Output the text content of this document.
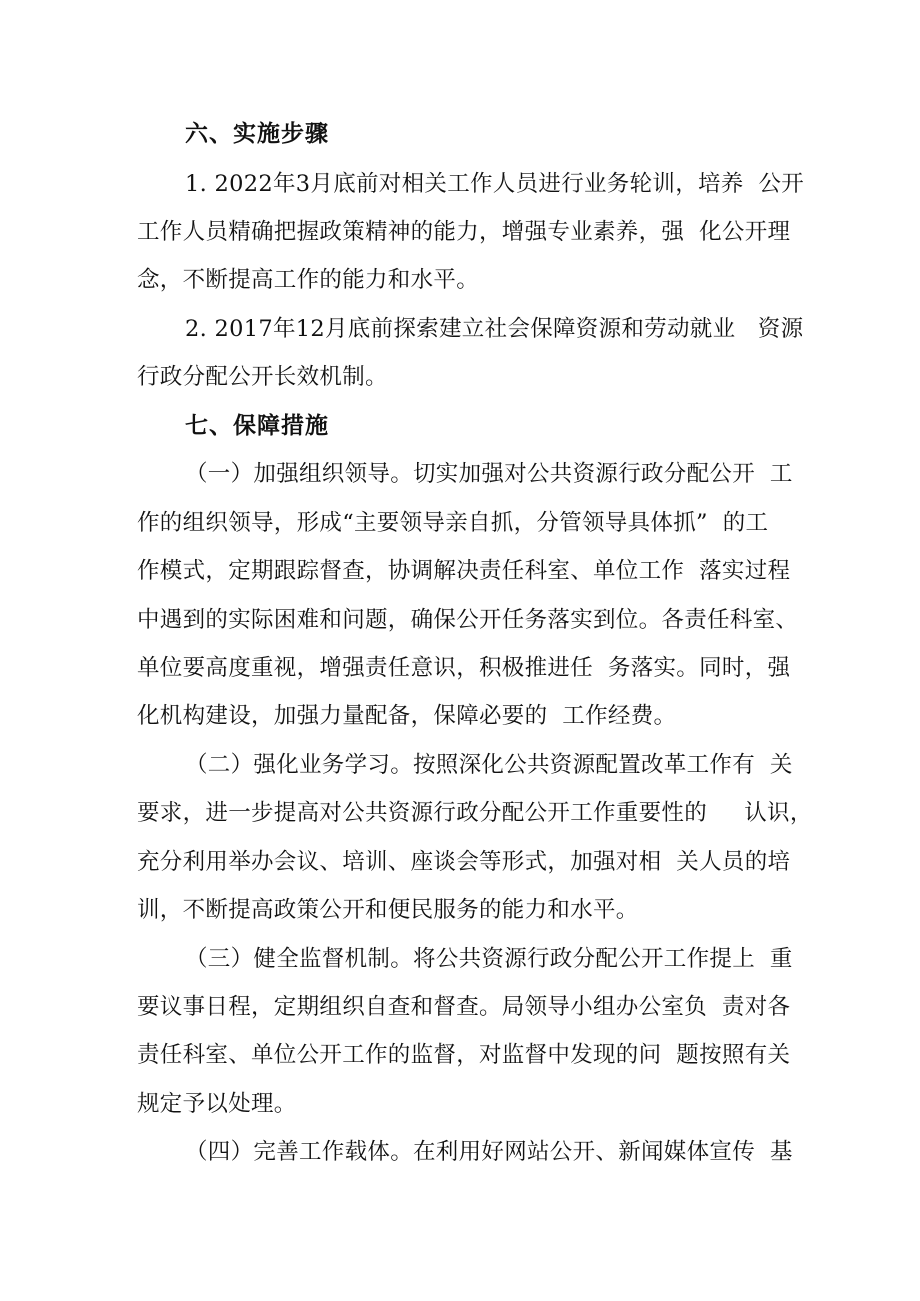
六、实施步骤
1. 2022年3月底前对相关工作人员进行业务轮训，培养  公开
工作人员精确把握政策精神的能力，增强专业素养，强  化公开理
念，不断提高工作的能力和水平。
2. 2017年12月底前探索建立社会保障资源和劳动就业   资源
行政分配公开长效机制。
七、保障措施
（一）加强组织领导。切实加强对公共资源行政分配公开  工
作的组织领导，形成“主要领导亲自抓，分管领导具体抓”  的工
作模式，定期跟踪督查，协调解决责任科室、单位工作  落实过程
中遇到的实际困难和问题，确保公开任务落实到位。各责任科室、
单位要高度重视，增强责任意识，积极推进任  务落实。同时，强
化机构建设，加强力量配备，保障必要的  工作经费。
（二）强化业务学习。按照深化公共资源配置改革工作有  关
要求，进一步提高对公共资源行政分配公开工作重要性的     认识，
充分利用举办会议、培训、座谈会等形式，加强对相  关人员的培
训，不断提高政策公开和便民服务的能力和水平。
（三）健全监督机制。将公共资源行政分配公开工作提上  重
要议事日程，定期组织自查和督查。局领导小组办公室负  责对各
责任科室、单位公开工作的监督，对监督中发现的问  题按照有关
规定予以处理。
（四）完善工作载体。在利用好网站公开、新闻媒体宣传  基
